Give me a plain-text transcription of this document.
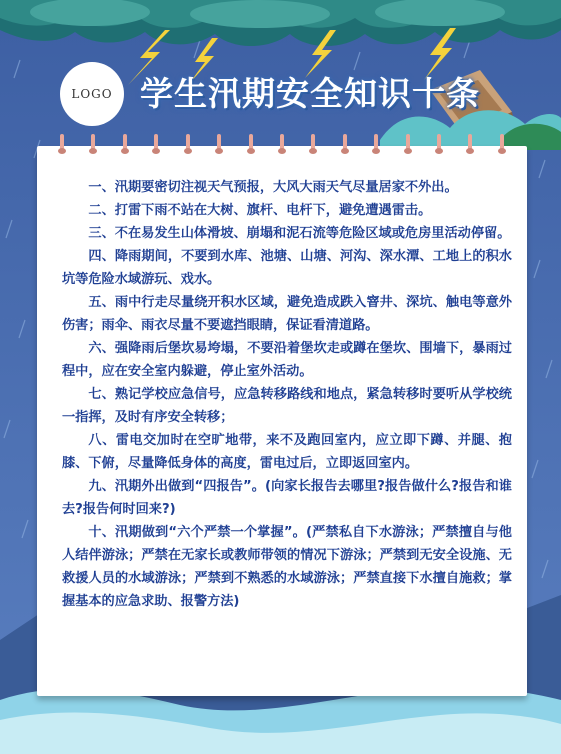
LOGO 学生汛期安全知识十条

一、汛期要密切注视天气预报，大风大雨天气尽量居家不外出。

二、打雷下雨不站在大树、旗杆、电杆下，避免遭遇雷击。

三、不在易发生山体滑坡、崩塌和泥石流等危险区域或危房里活动停留。

四、降雨期间，不要到水库、池塘、山塘、河沟、深水潭、工地上的积水坑等危险水域游玩、戏水。

五、雨中行走尽量绕开积水区域，避免造成跌入窨井、深坑、触电等意外伤害；雨伞、雨衣尽量不要遮挡眼睛，保证看清道路。

六、强降雨后堡坎易垮塌，不要沿着堡坎走或蹲在堡坎、围墙下，暴雨过程中，应在安全室内躲避，停止室外活动。

七、熟记学校应急信号，应急转移路线和地点，紧急转移时要听从学校统一指挥，及时有序安全转移；

八、雷电交加时在空旷地带，来不及跑回室内，应立即下蹲、并腿、抱膝、下俯，尽量降低身体的高度，雷电过后，立即返回室内。

九、汛期外出做到“四报告”。(向家长报告去哪里?报告做什么?报告和谁去?报告何时回来?)

十、汛期做到“六个严禁一个掌握”。(严禁私自下水游泳；严禁擅自与他人结伴游泳；严禁在无家长或教师带领的情况下游泳；严禁到无安全设施、无救援人员的水域游泳；严禁到不熟悉的水域游泳；严禁直接下水擅自施救；掌握基本的应急求助、报警方法)
